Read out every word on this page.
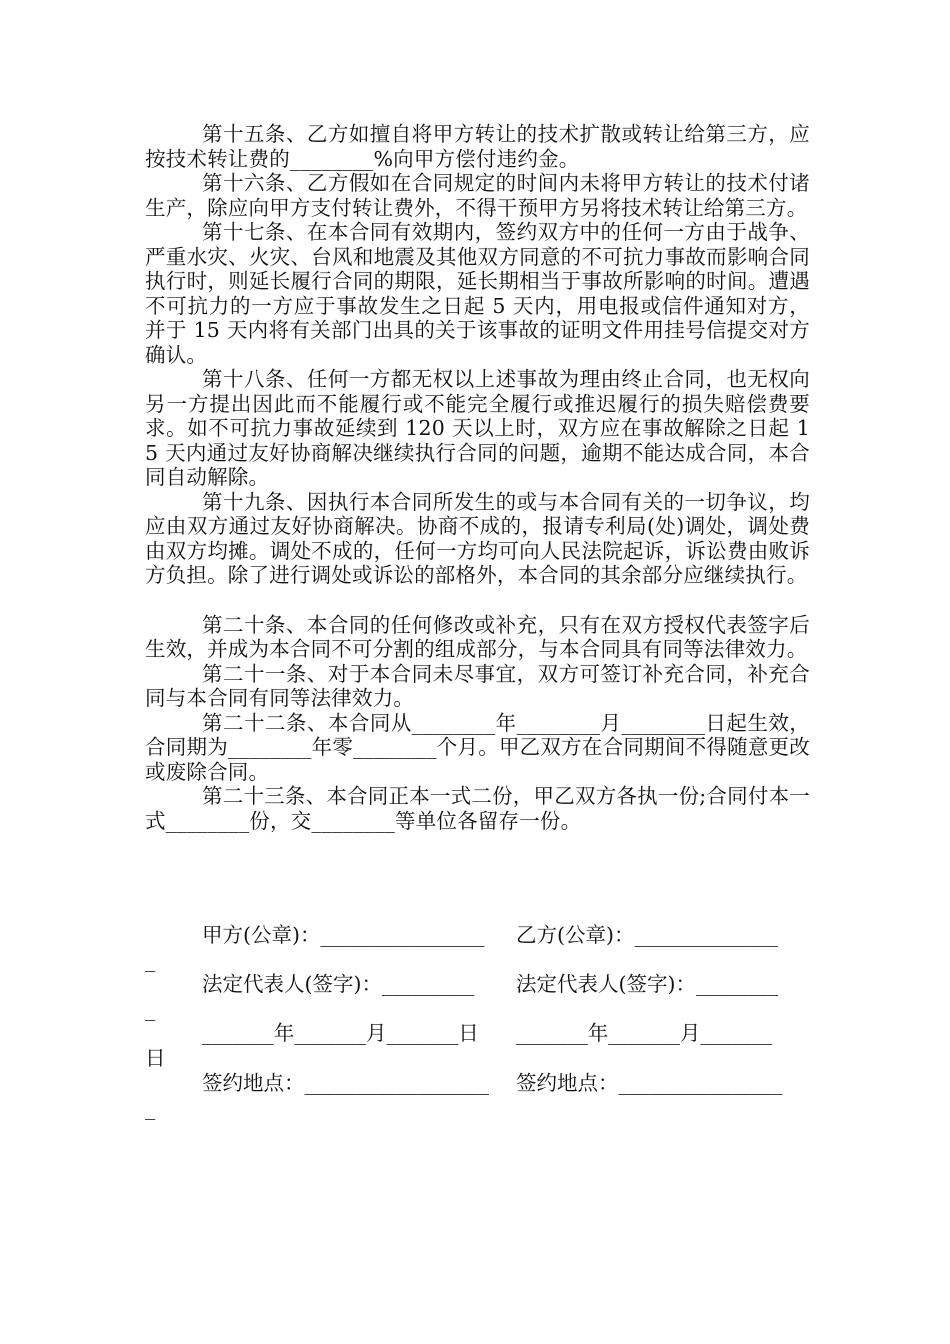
第十五条、乙方如擅自将甲方转让的技术扩散或转让给第三方，应按技术转让费的________%向甲方偿付违约金。

第十六条、乙方假如在合同规定的时间内未将甲方转让的技术付诸生产，除应向甲方支付转让费外，不得干预甲方另将技术转让给第三方。

第十七条、在本合同有效期内，签约双方中的任何一方由于战争、严重水灾、火灾、台风和地震及其他双方同意的不可抗力事故而影响合同执行时，则延长履行合同的期限，延长期相当于事故所影响的时间。遭遇不可抗力的一方应于事故发生之日起 5 天内，用电报或信件通知对方，并于 15 天内将有关部门出具的关于该事故的证明文件用挂号信提交对方确认。

第十八条、任何一方都无权以上述事故为理由终止合同，也无权向另一方提出因此而不能履行或不能完全履行或推迟履行的损失赔偿费要求。如不可抗力事故延续到 120 天以上时，双方应在事故解除之日起 15 天内通过友好协商解决继续执行合同的问题，逾期不能达成合同，本合同自动解除。

第十九条、因执行本合同所发生的或与本合同有关的一切争议，均应由双方通过友好协商解决。协商不成的，报请专利局(处)调处，调处费由双方均摊。调处不成的，任何一方均可向人民法院起诉，诉讼费由败诉方负担。除了进行调处或诉讼的部格外，本合同的其余部分应继续执行。

第二十条、本合同的任何修改或补充，只有在双方授权代表签字后生效，并成为本合同不可分割的组成部分，与本合同具有同等法律效力。

第二十一条、对于本合同未尽事宜，双方可签订补充合同，补充合同与本合同有同等法律效力。

第二十二条、本合同从________年________月________日起生效，合同期为________年零________个月。甲乙双方在合同期间不得随意更改或废除合同。

第二十三条、本合同正本一式二份，甲乙双方各执一份;合同付本一式________份，交________等单位各留存一份。

甲方(公章)：________________ 乙方(公章)：______________
_
法定代表人(签字)：_________ 法定代表人(签字)：________
_
_______年_______月_______日 _______年_______月_______
日
签约地点：__________________ 签约地点：________________
_
